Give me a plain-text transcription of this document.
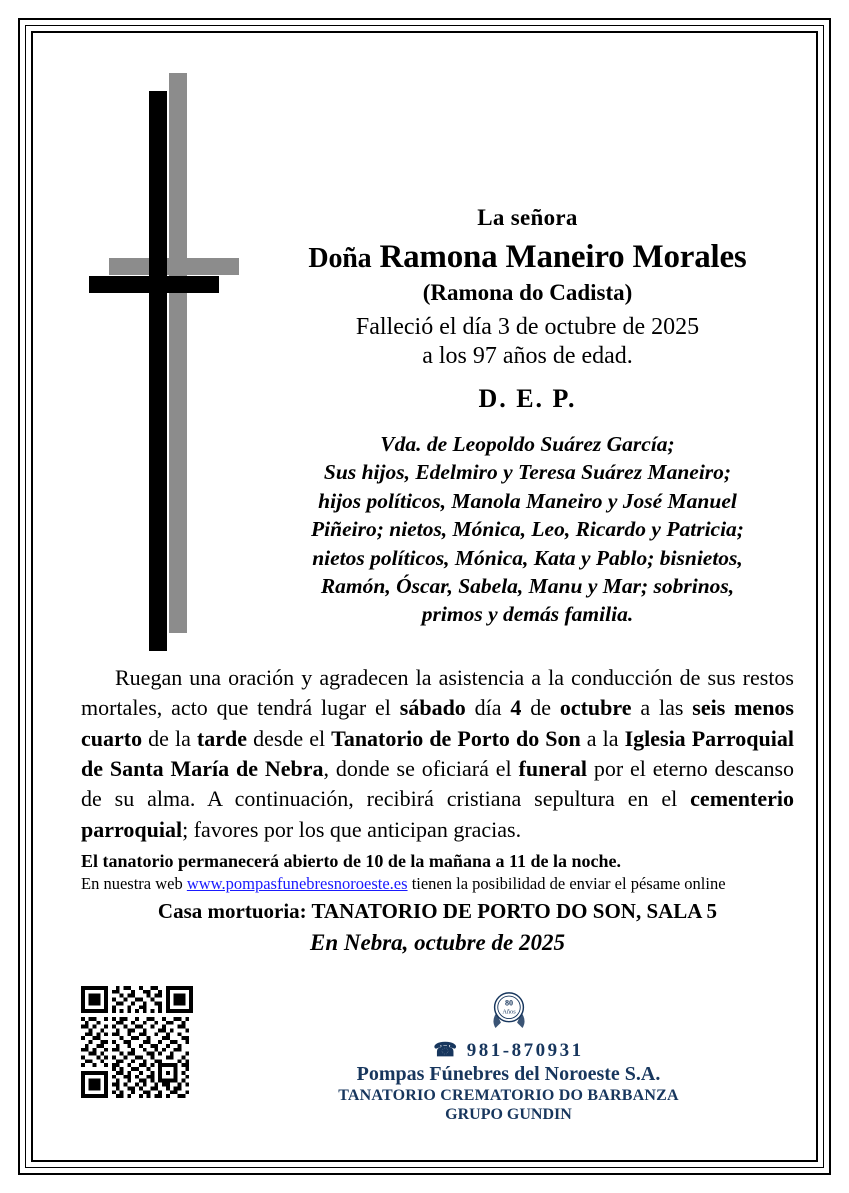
La señora
Doña Ramona Maneiro Morales
(Ramona do Cadista)
Falleció el día 3 de octubre de 2025
a los 97 años de edad.
D. E. P.

Vda. de Leopoldo Suárez García;

Sus hijos, Edelmiro y Teresa Suárez Maneiro;

hijos políticos, Manola Maneiro y José Manuel

Piñeiro; nietos, Mónica, Leo, Ricardo y Patricia;

nietos políticos, Mónica, Kata y Pablo; bisnietos,

Ramón, Óscar, Sabela, Manu y Mar; sobrinos,

primos y demás familia.

Ruegan una oración y agradecen la asistencia a la conducción de sus restos mortales, acto que tendrá lugar el sábado día 4 de octubre a las seis menos cuarto de la tarde desde el Tanatorio de Porto do Son a la Iglesia Parroquial de Santa María de Nebra, donde se oficiará el funeral por el eterno descanso de su alma. A continuación, recibirá cristiana sepultura en el cementerio parroquial; favores por los que anticipan gracias.

El tanatorio permanecerá abierto de 10 de la mañana a 11 de la noche.
En nuestra web www.pompasfunebresnoroeste.es tienen la posibilidad de enviar el pésame online
Casa mortuoria: TANATORIO DE PORTO DO SON, SALA 5
En Nebra, octubre de 2025
80
Años
☎ 981-870931
Pompas Fúnebres del Noroeste S.A.
TANATORIO CREMATORIO DO BARBANZA
GRUPO GUNDIN
